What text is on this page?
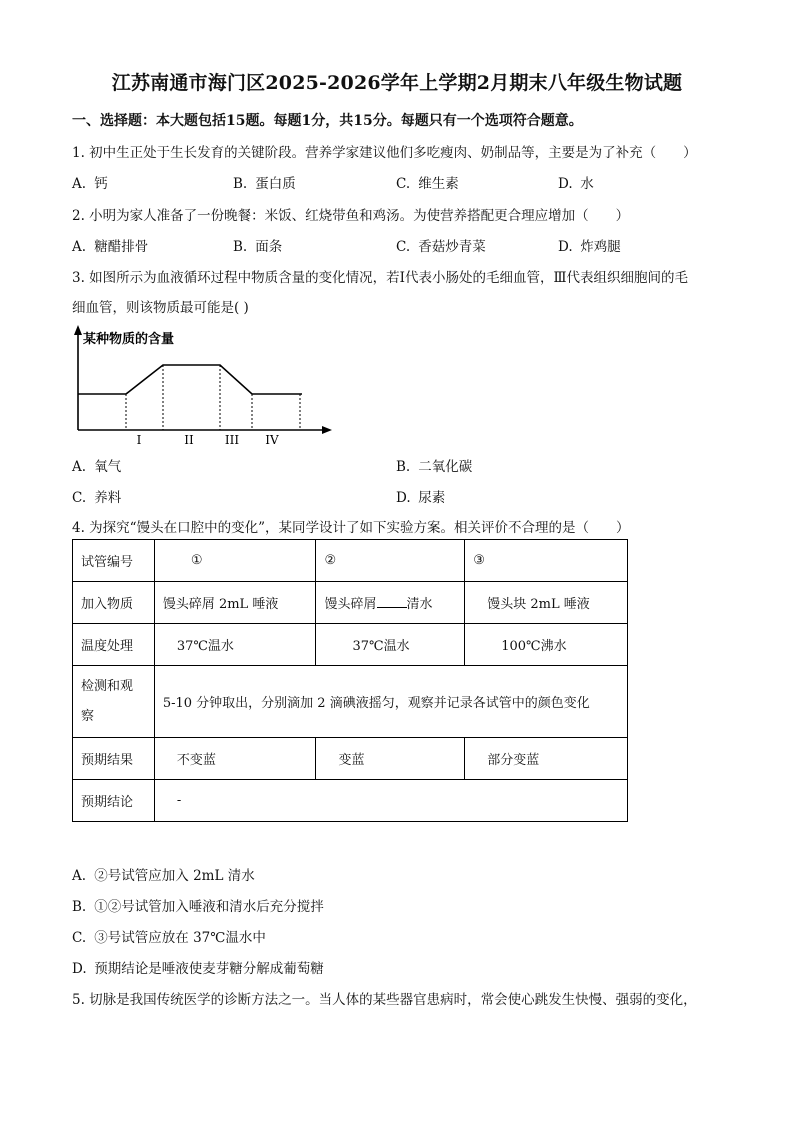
江苏南通市海门区2025-2026学年上学期2月期末八年级生物试题
一、选择题：本大题包括15题。每题1分，共15分。每题只有一个选项符合题意。
1. 初中生正处于生长发育的关键阶段。营养学家建议他们多吃瘦肉、奶制品等，主要是为了补充（　　）
A. 钙	B. 蛋白质	C. 维生素	D. 水
2. 小明为家人准备了一份晚餐：米饭、红烧带鱼和鸡汤。为使营养搭配更合理应增加（　　）
A. 糖醋排骨	B. 面条	C. 香菇炒青菜	D. 炸鸡腿
3. 如图所示为血液循环过程中物质含量的变化情况，若Ⅰ代表小肠处的毛细血管，Ⅲ代表组织细胞间的毛
细血管，则该物质最可能是( )
某种物质的含量
I	II	III IV
A. 氧气	B. 二氧化碳
C. 养料	D. 尿素
4. 为探究“馒头在口腔中的变化”，某同学设计了如下实验方案。相关评价不合理的是（　　）
试管编号	①	②	③
加入物质	馒头碎屑 2mL 唾液	馒头碎屑 清水	馒头块 2mL 唾液
温度处理	37℃温水	37℃温水	100℃沸水
检测和观
察	5-10 分钟取出，分别滴加 2 滴碘液摇匀，观察并记录各试管中的颜色变化		
预期结果	不变蓝	变蓝	部分变蓝
预期结论	-		
A. ②号试管应加入 2mL 清水
B. ①②号试管加入唾液和清水后充分搅拌
C. ③号试管应放在 37℃温水中
D. 预期结论是唾液使麦芽糖分解成葡萄糖
5. 切脉是我国传统医学的诊断方法之一。当人体的某些器官患病时，常会使心跳发生快慢、强弱的变化，
